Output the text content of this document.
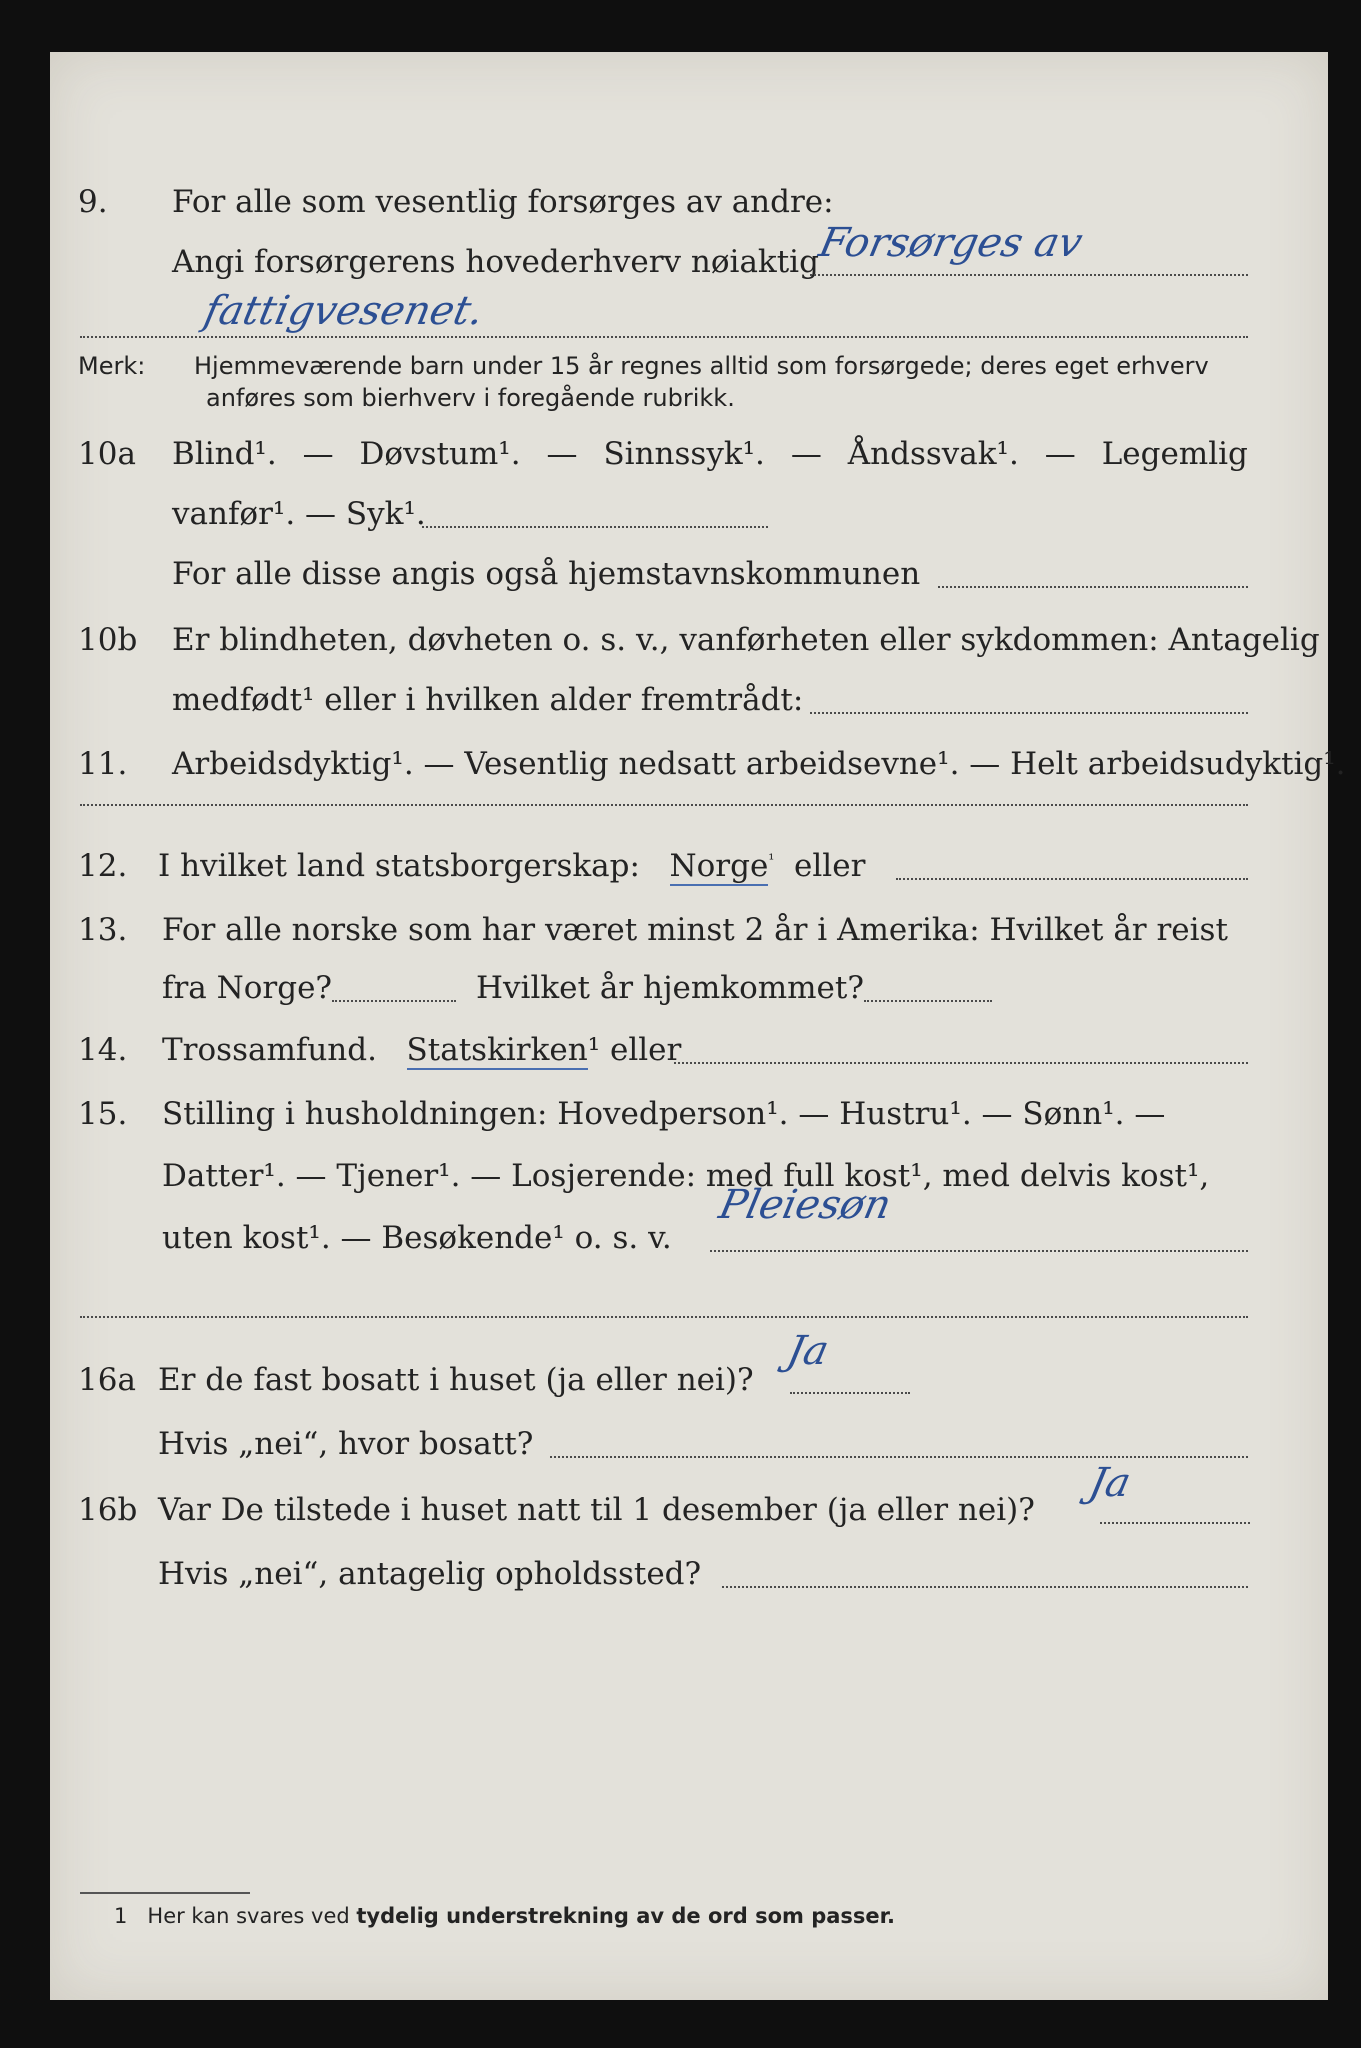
9. For alle som vesentlig forsørges av andre:
Angi forsørgerens hovederhverv nøiaktig
Forsørges av
fattigvesenet.
Merk: Hjemmeværende barn under 15 år regnes alltid som forsørgede; deres eget erhverv
anføres som bierhverv i foregående rubrikk.
10a Blind¹. — Døvstum¹. — Sinnssyk¹. — Åndssvak¹. — Legemlig
vanfør¹. — Syk¹.
For alle disse angis også hjemstavnskommunen
10b Er blindheten, døvheten o. s. v., vanførheten eller sykdommen: Antagelig
medfødt¹ eller i hvilken alder fremtrådt:
11. Arbeidsdyktig¹. — Vesentlig nedsatt arbeidsevne¹. — Helt arbeidsudyktig¹.
12. I hvilket land statsborgerskap: Norge$^{^1}$ eller
13. For alle norske som har været minst 2 år i Amerika: Hvilket år reist
fra Norge?	Hvilket år hjemkommet?
14. Trossamfund. Statskirken¹ eller
15. Stilling i husholdningen: Hovedperson¹. — Hustru¹. — Sønn¹. —
Datter¹. — Tjener¹. — Losjerende: med full kost¹, med delvis kost¹,
uten kost¹. — Besøkende¹ o. s. v.
Pleiesøn
16a Er de fast bosatt i huset (ja eller nei)?
Ja
Hvis „nei“, hvor bosatt?
16b Var De tilstede i huset natt til 1 desember (ja eller nei)?
Ja
Hvis „nei“, antagelig opholdssted?
1 Her kan svares ved tydelig understrekning av de ord som passer.
